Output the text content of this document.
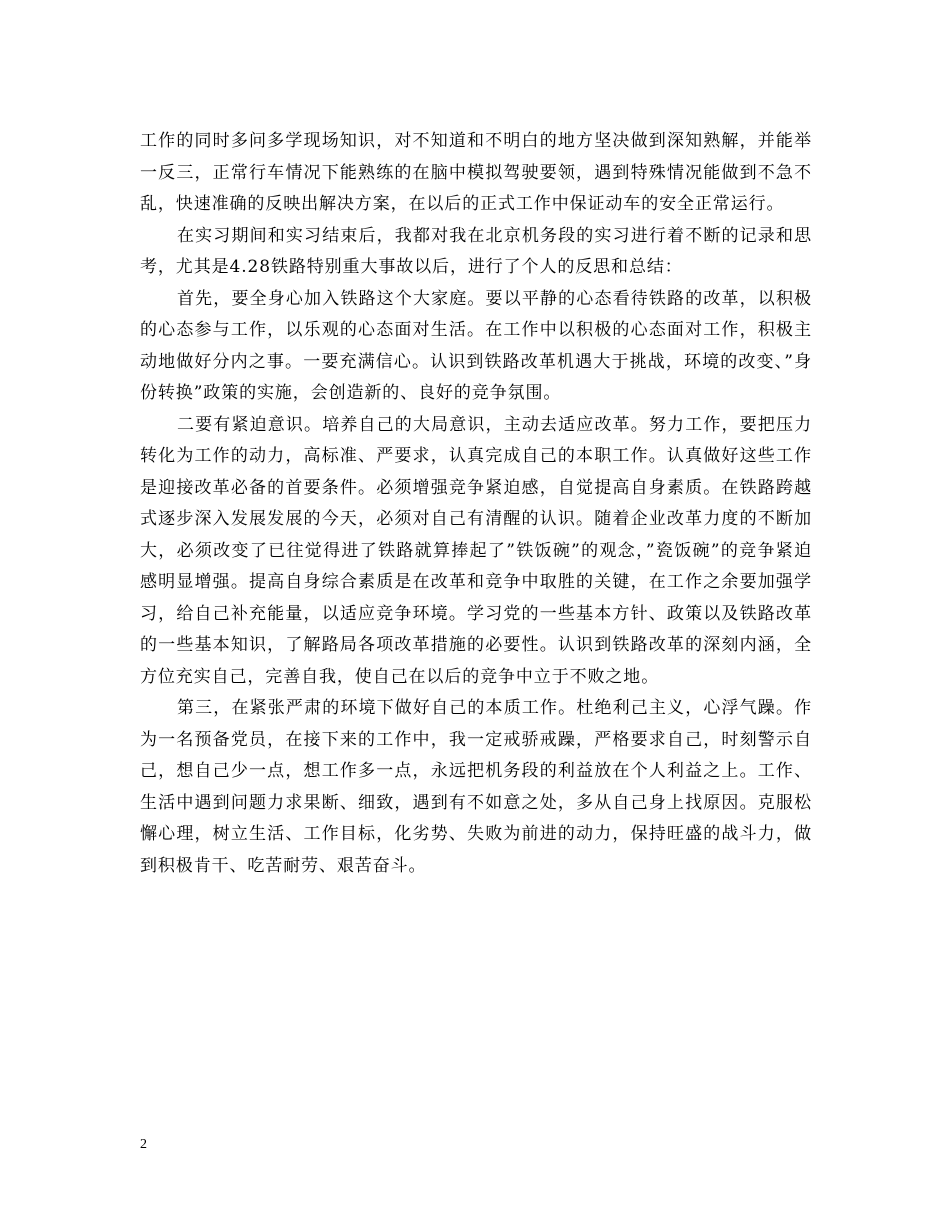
工作的同时多问多学现场知识，对不知道和不明白的地方坚决做到深知熟解，并能举一反三，正常行车情况下能熟练的在脑中模拟驾驶要领，遇到特殊情况能做到不急不乱，快速准确的反映出解决方案，在以后的正式工作中保证动车的安全正常运行。

在实习期间和实习结束后，我都对我在北京机务段的实习进行着不断的记录和思考，尤其是4.28铁路特别重大事故以后，进行了个人的反思和总结：

首先，要全身心加入铁路这个大家庭。要以平静的心态看待铁路的改革，以积极的心态参与工作，以乐观的心态面对生活。在工作中以积极的心态面对工作，积极主动地做好分内之事。一要充满信心。认识到铁路改革机遇大于挑战，环境的改变、”身份转换”政策的实施，会创造新的、良好的竞争氛围。

二要有紧迫意识。培养自己的大局意识，主动去适应改革。努力工作，要把压力转化为工作的动力，高标准、严要求，认真完成自己的本职工作。认真做好这些工作是迎接改革必备的首要条件。必须增强竞争紧迫感，自觉提高自身素质。在铁路跨越式逐步深入发展发展的今天，必须对自己有清醒的认识。随着企业改革力度的不断加大，必须改变了已往觉得进了铁路就算捧起了”铁饭碗”的观念，”瓷饭碗”的竞争紧迫感明显增强。提高自身综合素质是在改革和竞争中取胜的关键，在工作之余要加强学习，给自己补充能量，以适应竞争环境。学习党的一些基本方针、政策以及铁路改革的一些基本知识，了解路局各项改革措施的必要性。认识到铁路改革的深刻内涵，全方位充实自己，完善自我，使自己在以后的竞争中立于不败之地。

第三，在紧张严肃的环境下做好自己的本质工作。杜绝利己主义，心浮气躁。作为一名预备党员，在接下来的工作中，我一定戒骄戒躁，严格要求自己，时刻警示自己，想自己少一点，想工作多一点，永远把机务段的利益放在个人利益之上。工作、生活中遇到问题力求果断、细致，遇到有不如意之处，多从自己身上找原因。克服松懈心理，树立生活、工作目标，化劣势、失败为前进的动力，保持旺盛的战斗力，做到积极肯干、吃苦耐劳、艰苦奋斗。

2
